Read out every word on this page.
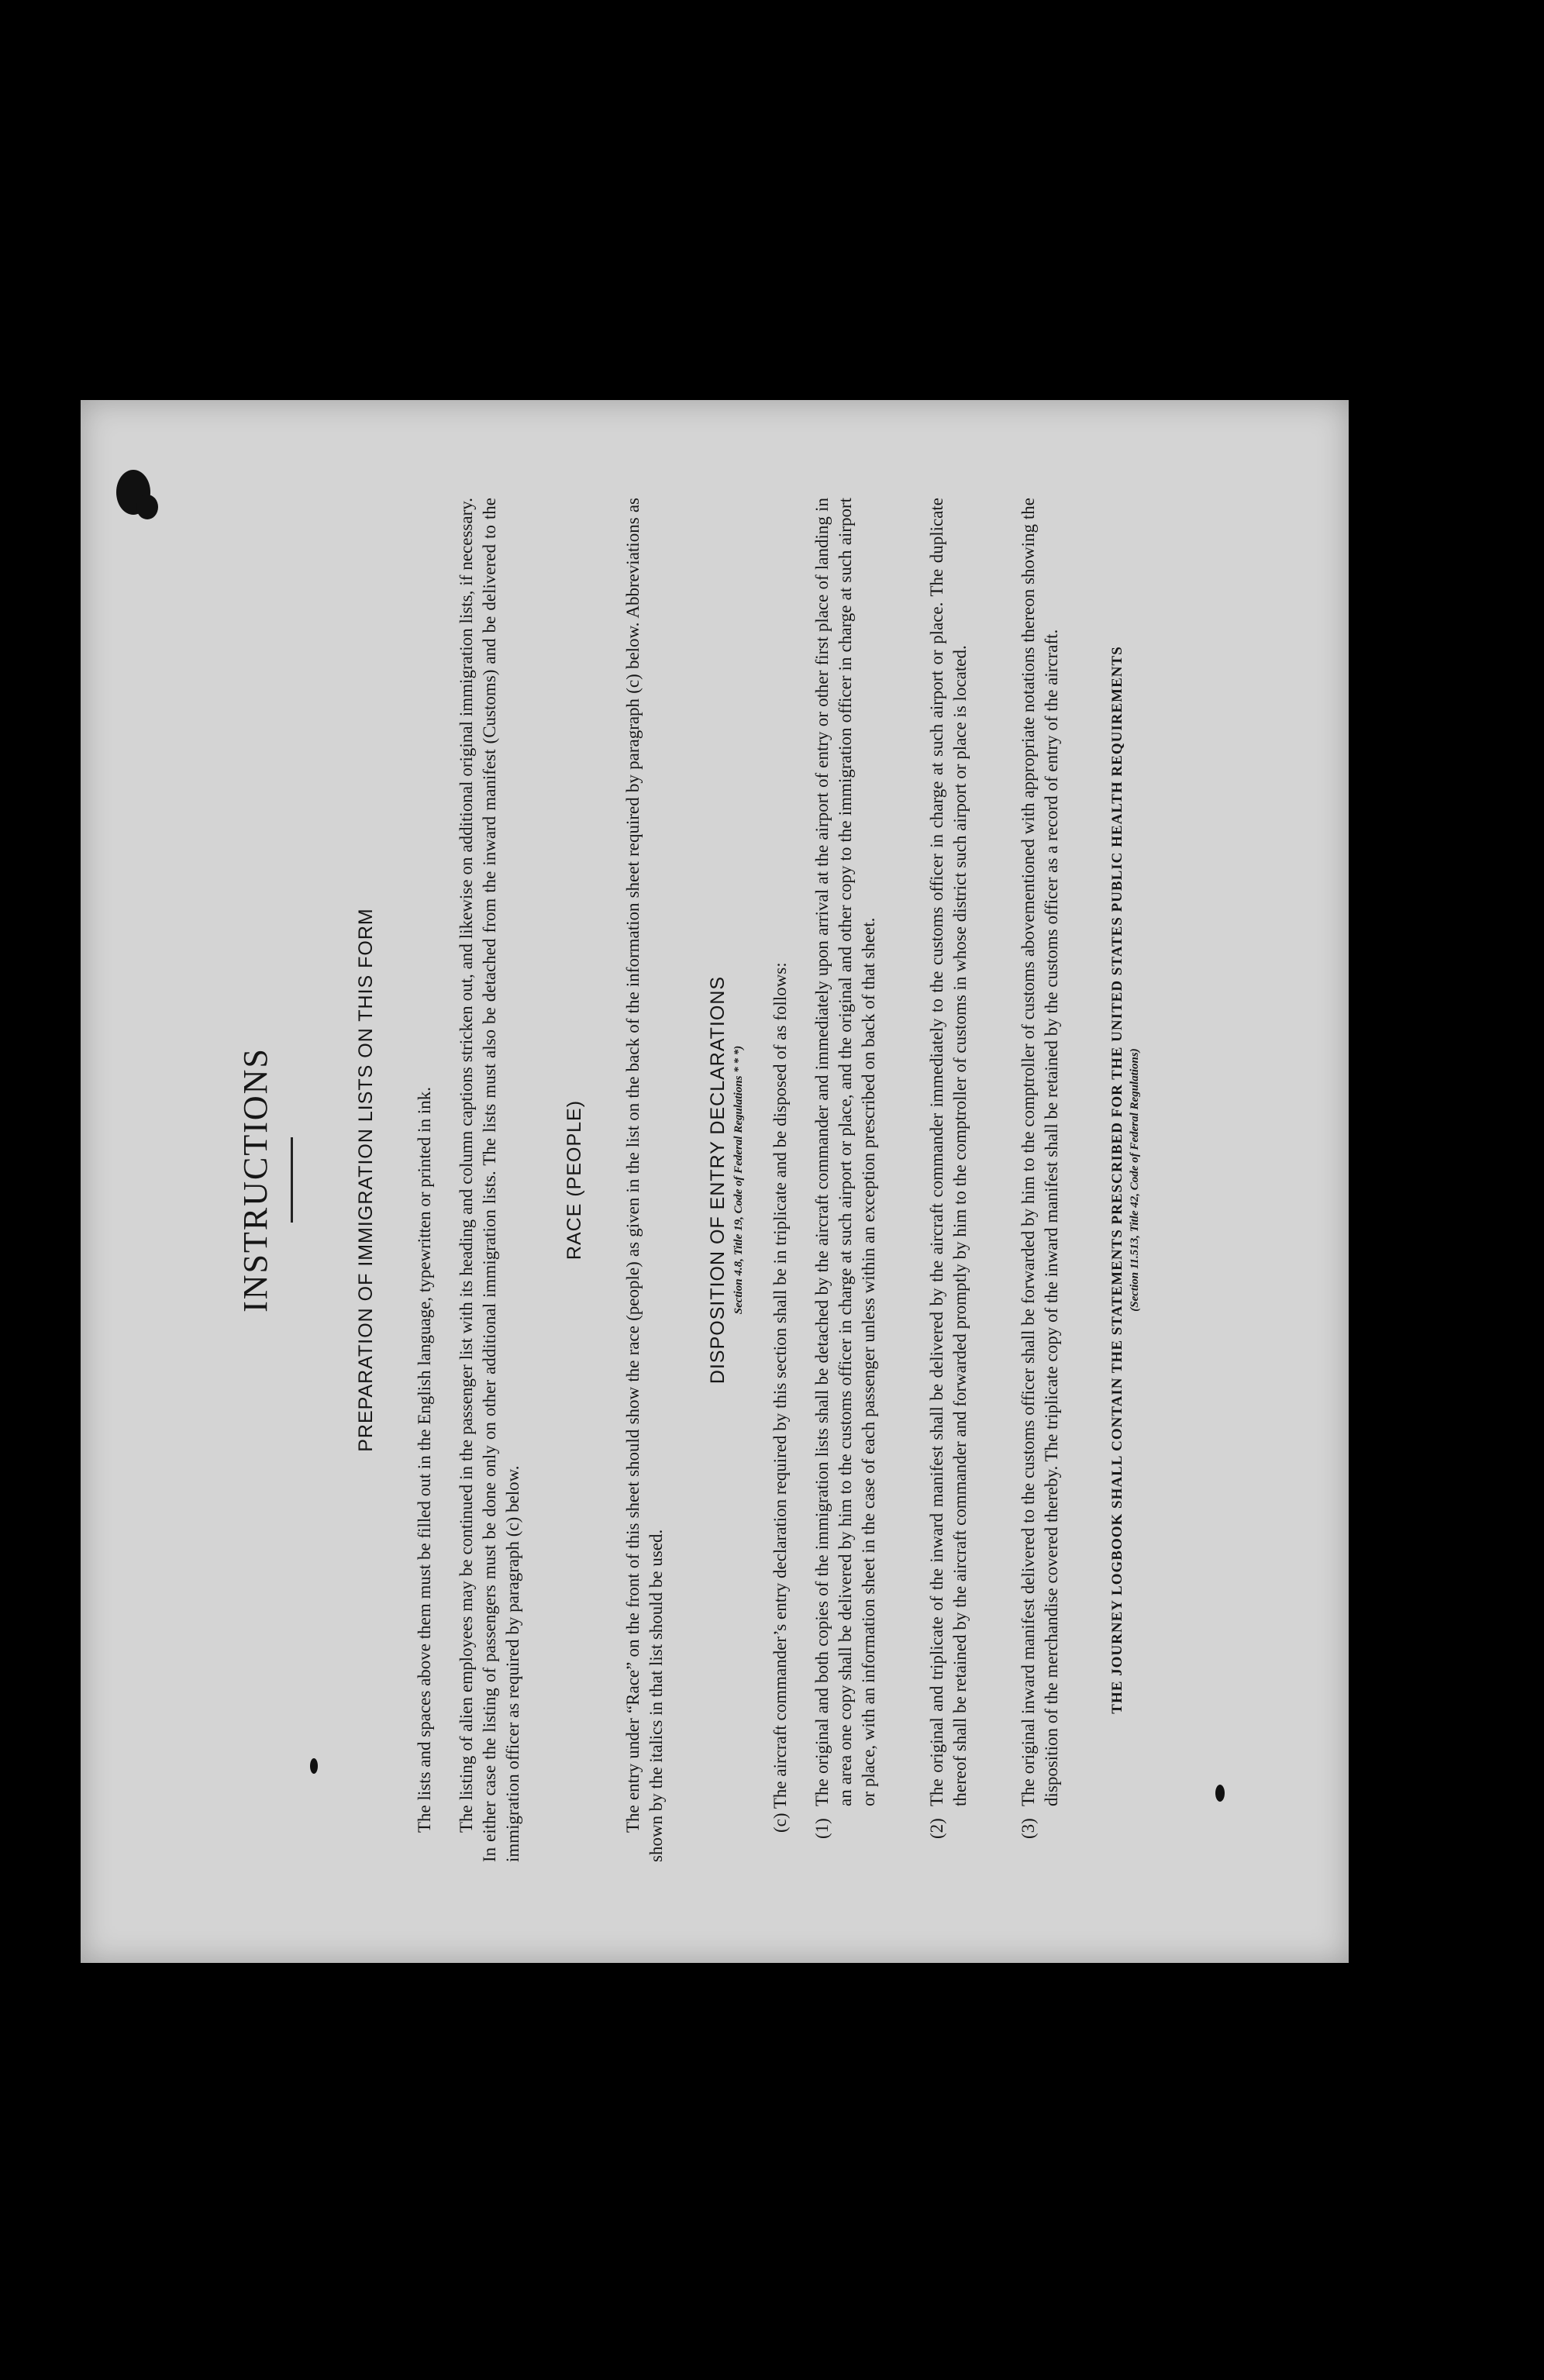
INSTRUCTIONS	PREPARATION OF IMMIGRATION LISTS ON THIS FORM The lists and spaces above them must be filled out in the English language, typewritten or printed in ink. The listing of alien employees may be continued in the passenger list with its heading and column captions stricken out, and likewise on additional original immigration lists, if necessary. In either case the listing of passengers must be done only on other additional immigration lists. The lists must also be detached from the inward manifest (Customs) and be delivered to the immigration officer as required by paragraph (c) below.

RACE (PEOPLE) The entry under “Race” on the front of this sheet should show the race (people) as given in the list on the back of the information sheet required by paragraph (c) below. Abbreviations as shown by the italics in that list should be used.

DISPOSITION OF ENTRY DECLARATIONS Section 4.8, Title 19, Code of Federal Regulations * * *) (c) The aircraft commander’s entry declaration required by this section shall be in triplicate and be disposed of as follows: (1)

The original and both copies of the immigration lists shall be detached by the aircraft commander and immediately upon arrival at the airport of entry or other first place of landing in an area one copy shall be delivered by him to the customs officer in charge at such airport or place, and the original and other copy to the immigration officer in charge at such airport or place, with an information sheet in the case of each passenger unless within an exception prescribed on back of that sheet.

(2)

The original and triplicate of the inward manifest shall be delivered by the aircraft commander immediately to the customs officer in charge at such airport or place. The duplicate thereof shall be retained by the aircraft commander and forwarded promptly by him to the comptroller of customs in whose district such airport or place is located.

(3)

The original inward manifest delivered to the customs officer shall be forwarded by him to the comptroller of customs abovementioned with appropriate notations thereon showing the disposition of the merchandise covered thereby. The triplicate copy of the inward manifest shall be retained by the customs officer as a record of entry of the aircraft.	THE JOURNEY LOGBOOK SHALL CONTAIN THE STATEMENTS PRESCRIBED FOR THE UNITED STATES PUBLIC HEALTH REQUIREMENTS (Section 11.513, Title 42, Code of Federal Regulations)
